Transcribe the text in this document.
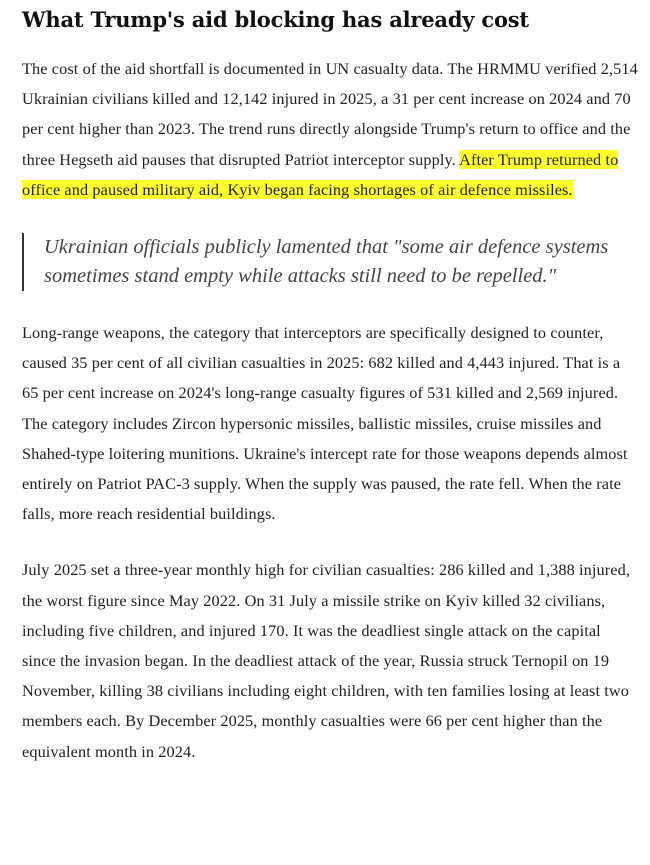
What Trump's aid blocking has already cost

The cost of the aid shortfall is documented in UN casualty data. The HRMMU verified 2,514 Ukrainian civilians killed and 12,142 injured in 2025, a 31 per cent increase on 2024 and 70 per cent higher than 2023. The trend runs directly alongside Trump's return to office and the three Hegseth aid pauses that disrupted Patriot interceptor supply. After Trump returned to office and paused military aid, Kyiv began facing shortages of air defence missiles.

Ukrainian officials publicly lamented that "some air defence systems sometimes stand empty while attacks still need to be repelled."

Long-range weapons, the category that interceptors are specifically designed to counter, caused 35 per cent of all civilian casualties in 2025: 682 killed and 4,443 injured. That is a 65 per cent increase on 2024's long-range casualty figures of 531 killed and 2,569 injured. The category includes Zircon hypersonic missiles, ballistic missiles, cruise missiles and Shahed-type loitering munitions. Ukraine's intercept rate for those weapons depends almost entirely on Patriot PAC-3 supply. When the supply was paused, the rate fell. When the rate falls, more reach residential buildings.

July 2025 set a three-year monthly high for civilian casualties: 286 killed and 1,388 injured, the worst figure since May 2022. On 31 July a missile strike on Kyiv killed 32 civilians, including five children, and injured 170. It was the deadliest single attack on the capital since the invasion began. In the deadliest attack of the year, Russia struck Ternopil on 19 November, killing 38 civilians including eight children, with ten families losing at least two members each. By December 2025, monthly casualties were 66 per cent higher than the equivalent month in 2024.
